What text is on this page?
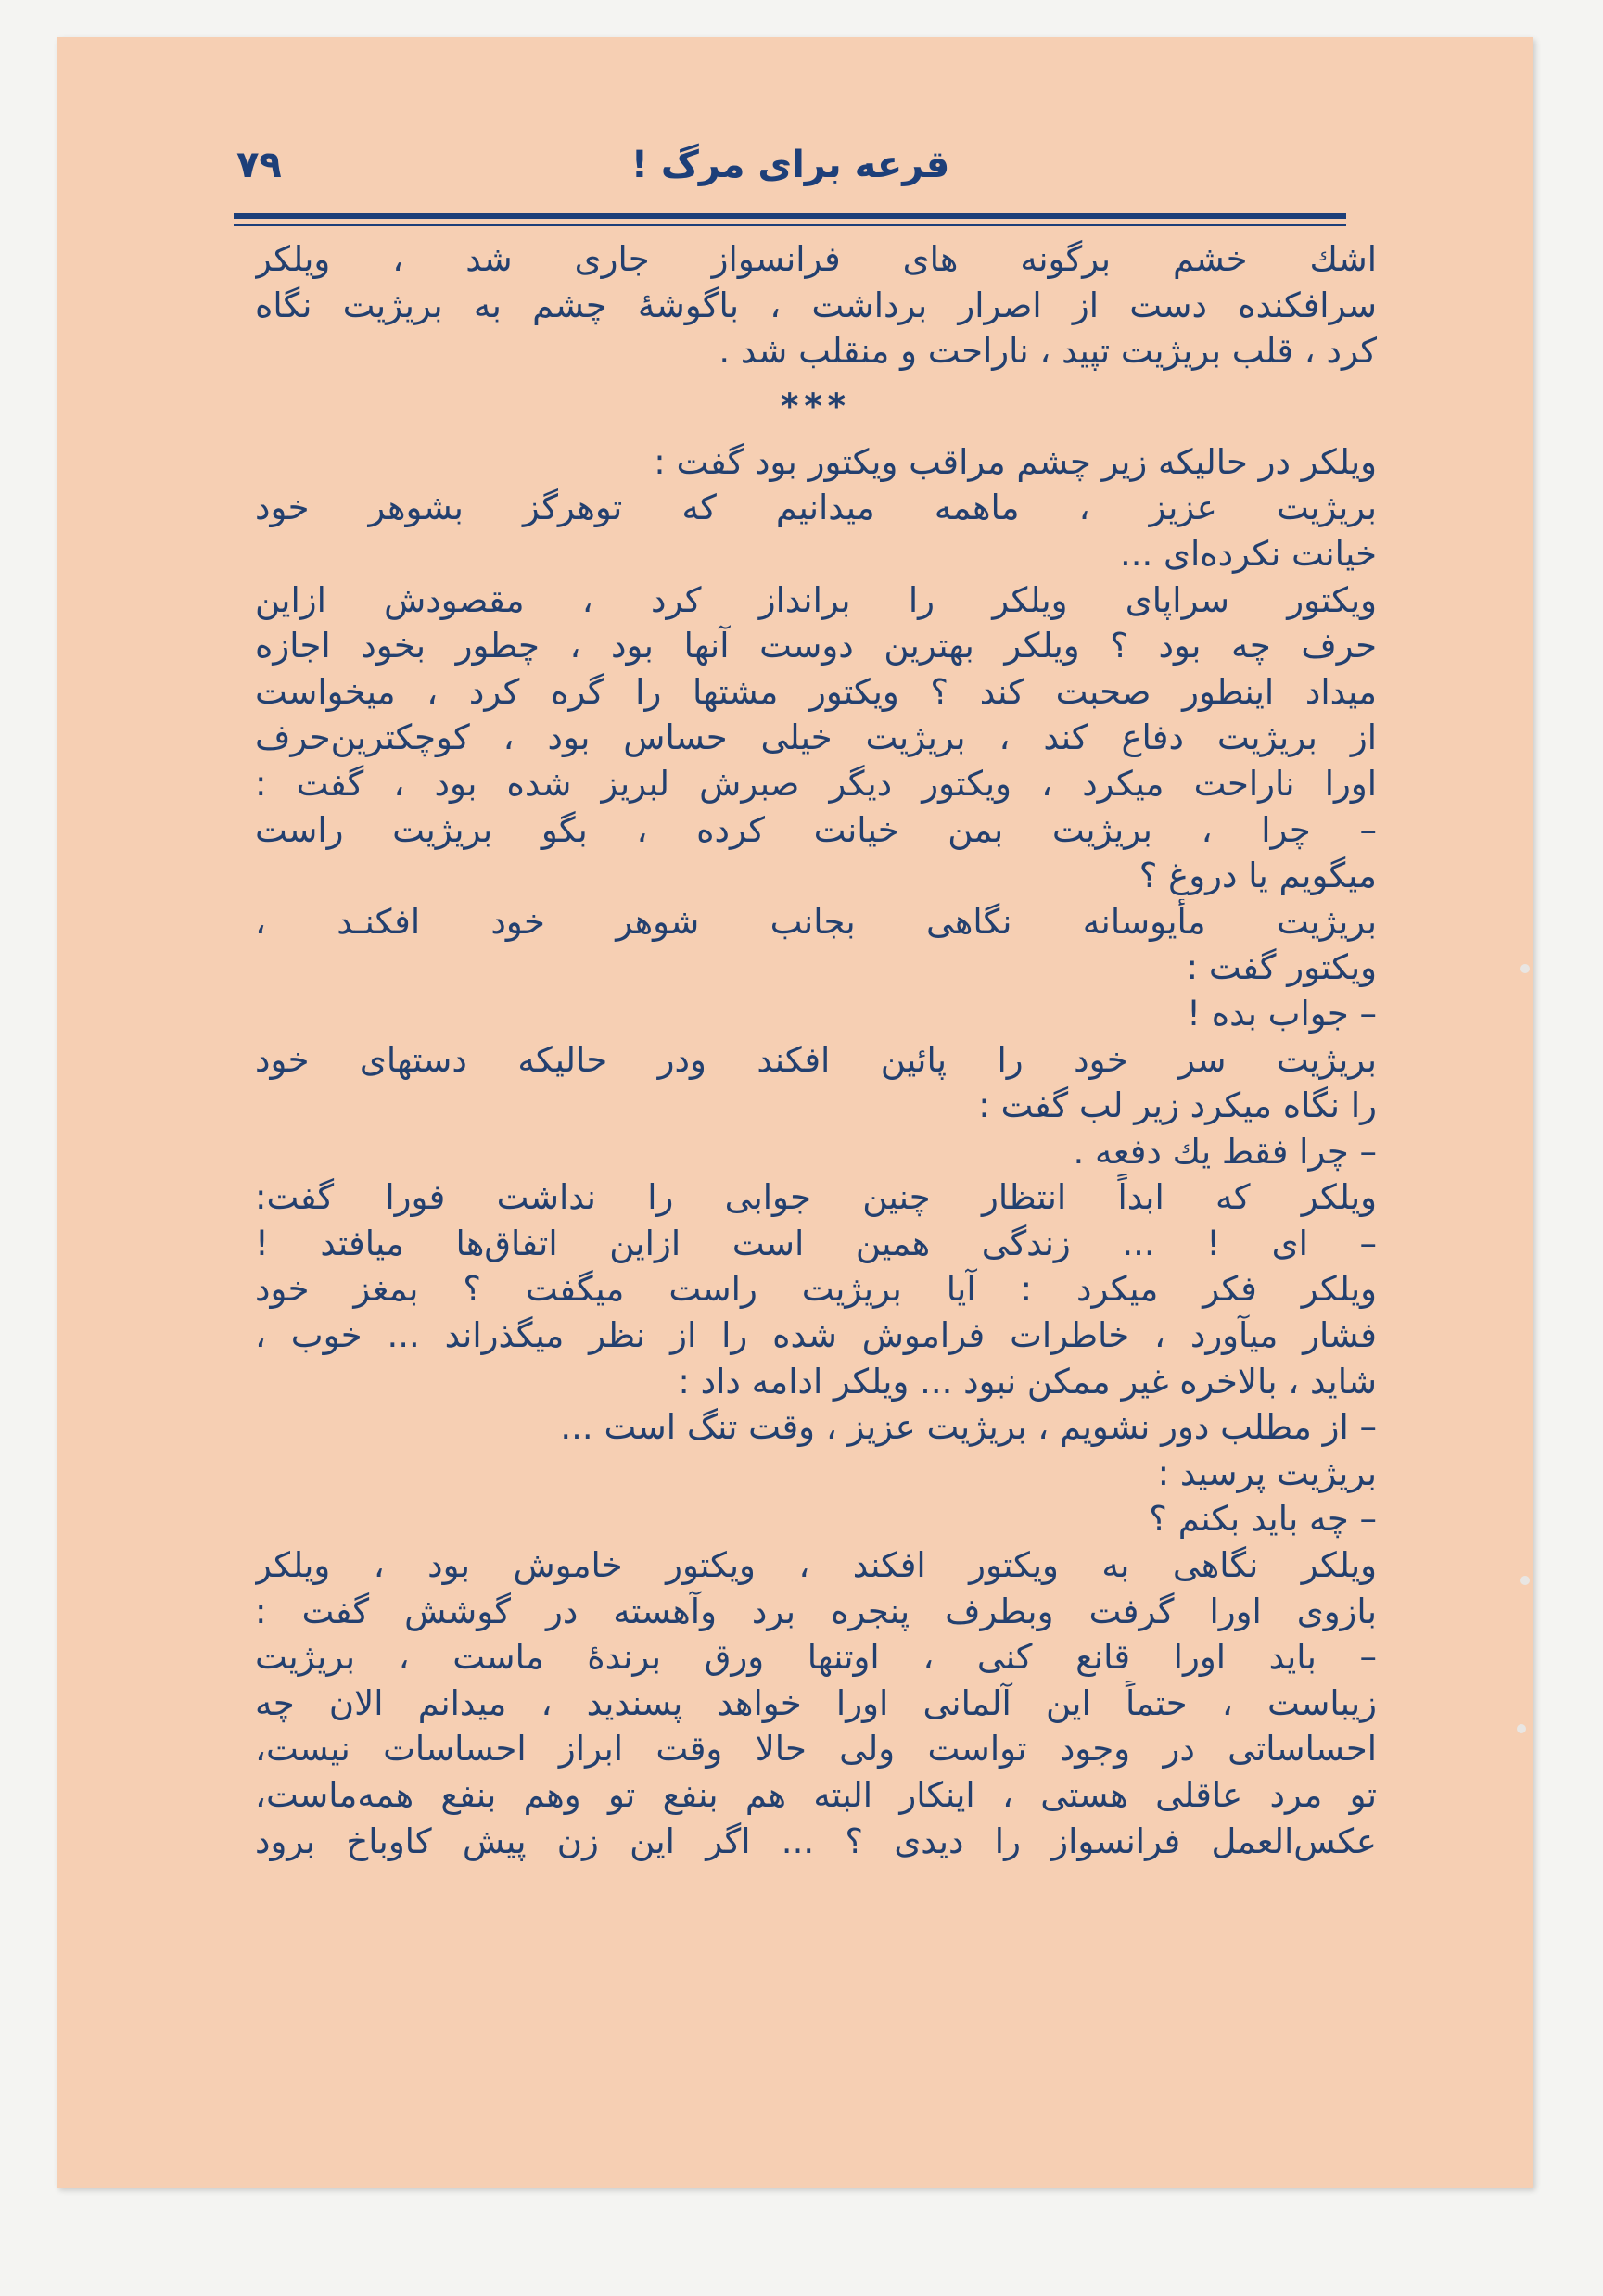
۷۹	قرعه برای مرگ !
اشك خشم برگونه های فرانسواز جاری شد ، ویلکر
سرافکنده دست از اصرار برداشت ، باگوشهٔ چشم به بریژیت نگاه
کرد ، قلب بریژیت تپید ، ناراحت و منقلب شد .
***
ویلکر در حالیکه زیر چشم مراقب ویکتور بود گفت :
بریژیت عزیز ، ماهمه میدانیم که توهرگز بشوهر خود
خیانت نکرده‌ای ...
ویکتور سراپای ویلکر را برانداز کرد ، مقصودش ازاین
حرف چه بود ؟ ویلکر بهترین دوست آنها بود ، چطور بخود اجازه
میداد اینطور صحبت کند ؟ ویکتور مشتها را گره کرد ، میخواست
از بریژیت دفاع کند ، بریژیت خیلی حساس بود ، کوچکترین‌حرف
اورا ناراحت میکرد ، ویکتور دیگر صبرش لبریز شده بود ، گفت :
– چرا ، بریژیت بمن خیانت کرده ، بگو بریژیت راست
میگویم یا دروغ ؟
بریژیت مأیوسانه نگاهی بجانب شوهر خود افکنـد ،
ویکتور گفت :
– جواب بده !
بریژیت سر خود را پائین افکند ودر حالیکه دستهای خود
را نگاه میکرد زیر لب گفت :
– چرا فقط یك دفعه .
ویلکر که ابداً انتظار چنین جوابی را نداشت فورا گفت:
– ای ! ... زندگی همین است ازاین اتفاق‌ها میافتد !
ویلکر فکر میکرد : آیا بریژیت راست میگفت ؟ بمغز خود
فشار میآورد ، خاطرات فراموش شده را از نظر میگذراند ... خوب ،
شاید ، بالاخره غیر ممکن نبود ... ویلکر ادامه داد :
– از مطلب دور نشویم ، بریژیت عزیز ، وقت تنگ است ...
بریژیت پرسید :
– چه باید بکنم ؟
ویلکر نگاهی به ویکتور افکند ، ویکتور خاموش بود ، ویلکر
بازوی اورا گرفت وبطرف پنجره برد وآهسته در گوشش گفت :
– باید اورا قانع کنی ، اوتنها ورق برندهٔ ماست ، بریژیت
زیباست ، حتماً این آلمانی اورا خواهد پسندید ، میدانم الان چه
احساساتی در وجود تواست ولی حالا وقت ابراز احساسات نیست،
تو مرد عاقلی هستی ، اینکار البته هم بنفع تو وهم بنفع همه‌ماست،
عکس‌العمل فرانسواز را دیدی ؟ ... اگر این زن پیش کاوباخ برود
